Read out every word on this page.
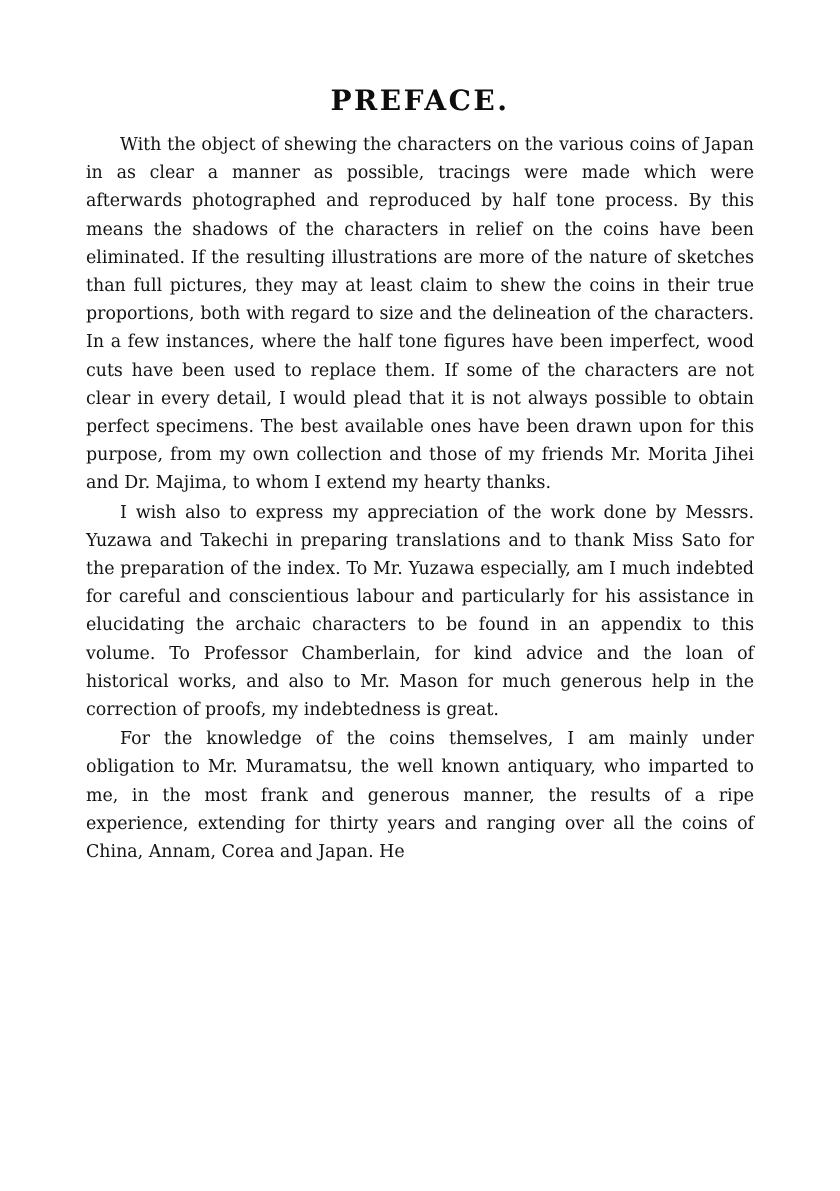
PREFACE.

With the object of shewing the characters on the various coins of Japan in as clear a manner as possible, tracings were made which were afterwards photographed and reproduced by half tone process. By this means the shadows of the characters in relief on the coins have been eliminated. If the resulting illustrations are more of the nature of sketches than full pictures, they may at least claim to shew the coins in their true proportions, both with regard to size and the delineation of the characters. In a few instances, where the half tone figures have been imperfect, wood cuts have been used to replace them. If some of the characters are not clear in every detail, I would plead that it is not always possible to obtain perfect specimens. The best available ones have been drawn upon for this purpose, from my own collection and those of my friends Mr. Morita Jihei and Dr. Majima, to whom I extend my hearty thanks.

I wish also to express my appreciation of the work done by Messrs. Yuzawa and Takechi in preparing translations and to thank Miss Sato for the preparation of the index. To Mr. Yuzawa especially, am I much indebted for careful and conscientious labour and particularly for his assistance in elucidating the archaic characters to be found in an appendix to this volume. To Professor Chamberlain, for kind advice and the loan of historical works, and also to Mr. Mason for much generous help in the correction of proofs, my indebtedness is great.

For the knowledge of the coins themselves, I am mainly under obligation to Mr. Muramatsu, the well known antiquary, who imparted to me, in the most frank and generous manner, the results of a ripe experience, extending for thirty years and ranging over all the coins of China, Annam, Corea and Japan. He
